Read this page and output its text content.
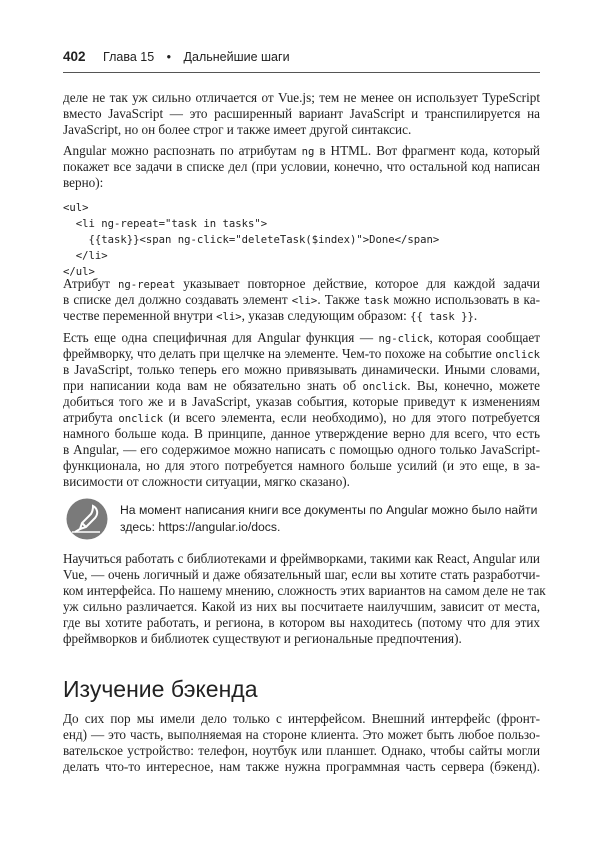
402 Глава 15 • Дальнейшие шаги
деле не так уж сильно отличается от Vue.js; тем не менее он использует TypeScript
вместо JavaScript — это расширенный вариант JavaScript и транспилируется на
JavaScript, но он более строг и также имеет другой синтаксис.
Angular можно распознать по атрибутам ng в HTML. Вот фрагмент кода, который
покажет все задачи в списке дел (при условии, конечно, что остальной код написан
верно):
<ul>
<li ng-repeat="task in tasks">
{{task}}<span ng-click="deleteTask($index)">Done</span>
</li>
</ul>
Атрибут ng-repeat указывает повторное действие, которое для каждой задачи
в списке дел должно создавать элемент <li>. Также task можно использовать в ка-
честве переменной внутри <li>, указав следующим образом: {{ task }}.
Есть еще одна специфичная для Angular функция — ng-click, которая сообщает
фреймворку, что делать при щелчке на элементе. Чем-то похоже на событие onclick
в JavaScript, только теперь его можно привязывать динамически. Иными словами,
при написании кода вам не обязательно знать об onclick. Вы, конечно, можете
добиться того же и в JavaScript, указав события, которые приведут к изменениям
атрибута onclick (и всего элемента, если необходимо), но для этого потребуется
намного больше кода. В принципе, данное утверждение верно для всего, что есть
в Angular, — его содержимое можно написать с помощью одного только JavaScript-
функционала, но для этого потребуется намного больше усилий (и это еще, в за-
висимости от сложности ситуации, мягко сказано).
На момент написания книги все документы по Angular можно было найти
здесь: https://angular.io/docs.
Научиться работать с библиотеками и фреймворками, такими как React, Angular или
Vue, — очень логичный и даже обязательный шаг, если вы хотите стать разработчи-
ком интерфейса. По нашему мнению, сложность этих вариантов на самом деле не так
уж сильно различается. Какой из них вы посчитаете наилучшим, зависит от места,
где вы хотите работать, и региона, в котором вы находитесь (потому что для этих
фреймворков и библиотек существуют и региональные предпочтения).
Изучение бэкенда
До сих пор мы имели дело только с интерфейсом. Внешний интерфейс (фронт-
енд) — это часть, выполняемая на стороне клиента. Это может быть любое пользо-
вательское устройство: телефон, ноутбук или планшет. Однако, чтобы сайты могли
делать что-то интересное, нам также нужна программная часть сервера (бэкенд).
